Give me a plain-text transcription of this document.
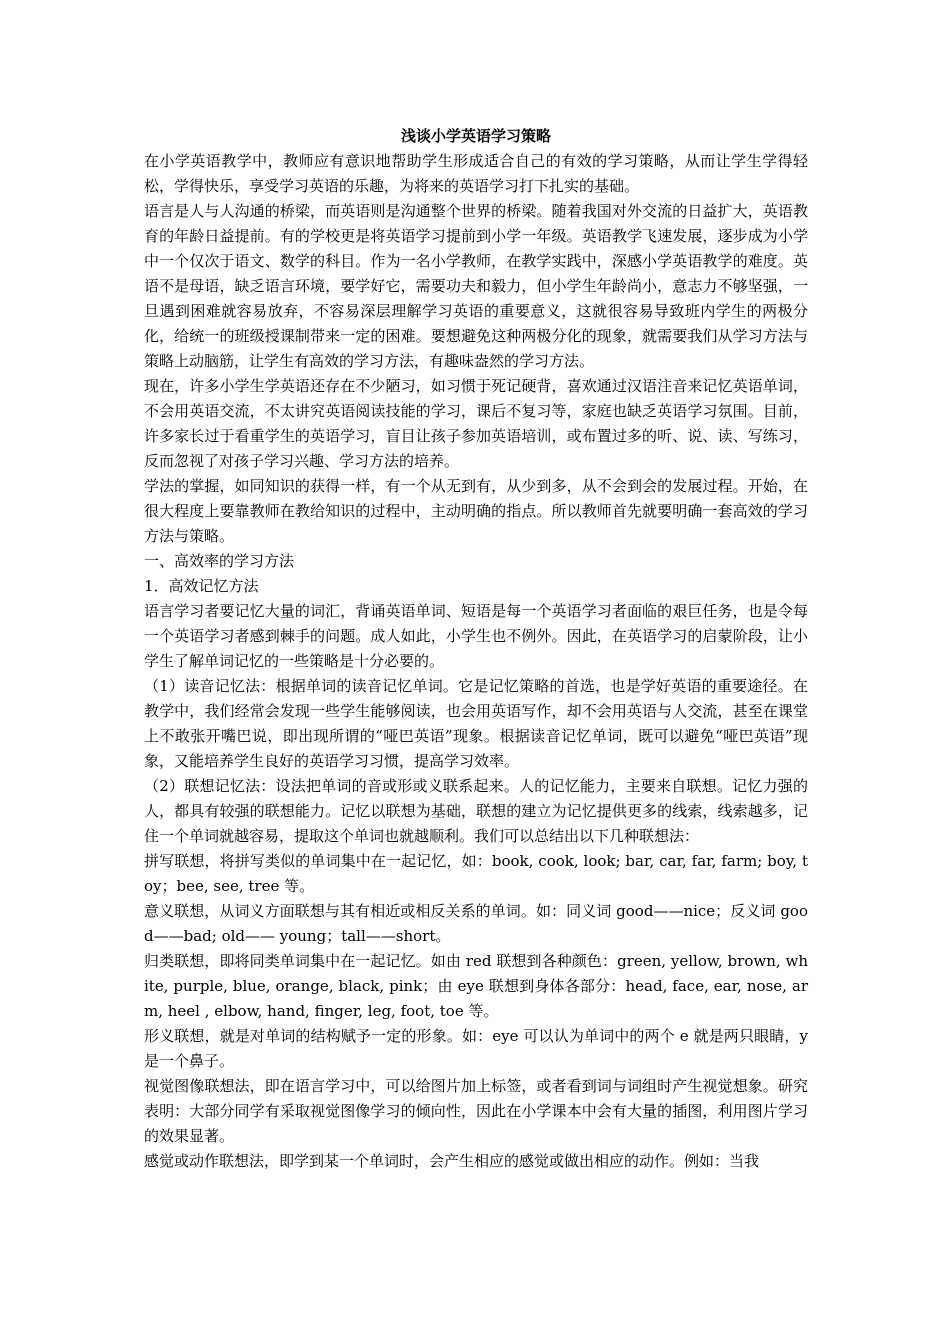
浅谈小学英语学习策略

在小学英语教学中，教师应有意识地帮助学生形成适合自己的有效的学习策略，从而让学生学得轻松，学得快乐，享受学习英语的乐趣，为将来的英语学习打下扎实的基础。

语言是人与人沟通的桥梁，而英语则是沟通整个世界的桥梁。随着我国对外交流的日益扩大，英语教育的年龄日益提前。有的学校更是将英语学习提前到小学一年级。英语教学飞速发展，逐步成为小学中一个仅次于语文、数学的科目。作为一名小学教师，在教学实践中，深感小学英语教学的难度。英语不是母语，缺乏语言环境，要学好它，需要功夫和毅力，但小学生年龄尚小，意志力不够坚强，一旦遇到困难就容易放弃，不容易深层理解学习英语的重要意义，这就很容易导致班内学生的两极分化，给统一的班级授课制带来一定的困难。要想避免这种两极分化的现象，就需要我们从学习方法与策略上动脑筋，让学生有高效的学习方法，有趣味盎然的学习方法。

现在，许多小学生学英语还存在不少陋习，如习惯于死记硬背，喜欢通过汉语注音来记忆英语单词，不会用英语交流，不太讲究英语阅读技能的学习，课后不复习等，家庭也缺乏英语学习氛围。目前，许多家长过于看重学生的英语学习，盲目让孩子参加英语培训，或布置过多的听、说、读、写练习，反而忽视了对孩子学习兴趣、学习方法的培养。

学法的掌握，如同知识的获得一样，有一个从无到有，从少到多，从不会到会的发展过程。开始，在很大程度上要靠教师在教给知识的过程中，主动明确的指点。所以教师首先就要明确一套高效的学习方法与策略。

一、高效率的学习方法

1．高效记忆方法

语言学习者要记忆大量的词汇，背诵英语单词、短语是每一个英语学习者面临的艰巨任务，也是令每一个英语学习者感到棘手的问题。成人如此，小学生也不例外。因此，在英语学习的启蒙阶段，让小学生了解单词记忆的一些策略是十分必要的。

（1）读音记忆法：根据单词的读音记忆单词。它是记忆策略的首选，也是学好英语的重要途径。在教学中，我们经常会发现一些学生能够阅读，也会用英语写作，却不会用英语与人交流，甚至在课堂上不敢张开嘴巴说，即出现所谓的“哑巴英语”现象。根据读音记忆单词，既可以避免“哑巴英语”现象，又能培养学生良好的英语学习习惯，提高学习效率。

（2）联想记忆法：设法把单词的音或形或义联系起来。人的记忆能力，主要来自联想。记忆力强的人，都具有较强的联想能力。记忆以联想为基础，联想的建立为记忆提供更多的线索，线索越多，记住一个单词就越容易，提取这个单词也就越顺利。我们可以总结出以下几种联想法：

拼写联想，将拼写类似的单词集中在一起记忆，如：book, cook, look; bar, car, far, farm; boy, toy；bee, see, tree 等。

意义联想，从词义方面联想与其有相近或相反关系的单词。如：同义词 good——nice；反义词 good——bad; old—— young；tall——short。

归类联想，即将同类单词集中在一起记忆。如由 red 联想到各种颜色：green, yellow, brown, white, purple, blue, orange, black, pink；由 eye 联想到身体各部分：head, face, ear, nose, arm, heel , elbow, hand, finger, leg, foot, toe 等。

形义联想，就是对单词的结构赋予一定的形象。如：eye 可以认为单词中的两个 e 就是两只眼睛，y 是一个鼻子。

视觉图像联想法，即在语言学习中，可以给图片加上标签，或者看到词与词组时产生视觉想象。研究表明：大部分同学有采取视觉图像学习的倾向性，因此在小学课本中会有大量的插图，利用图片学习的效果显著。

感觉或动作联想法，即学到某一个单词时，会产生相应的感觉或做出相应的动作。例如：当我
